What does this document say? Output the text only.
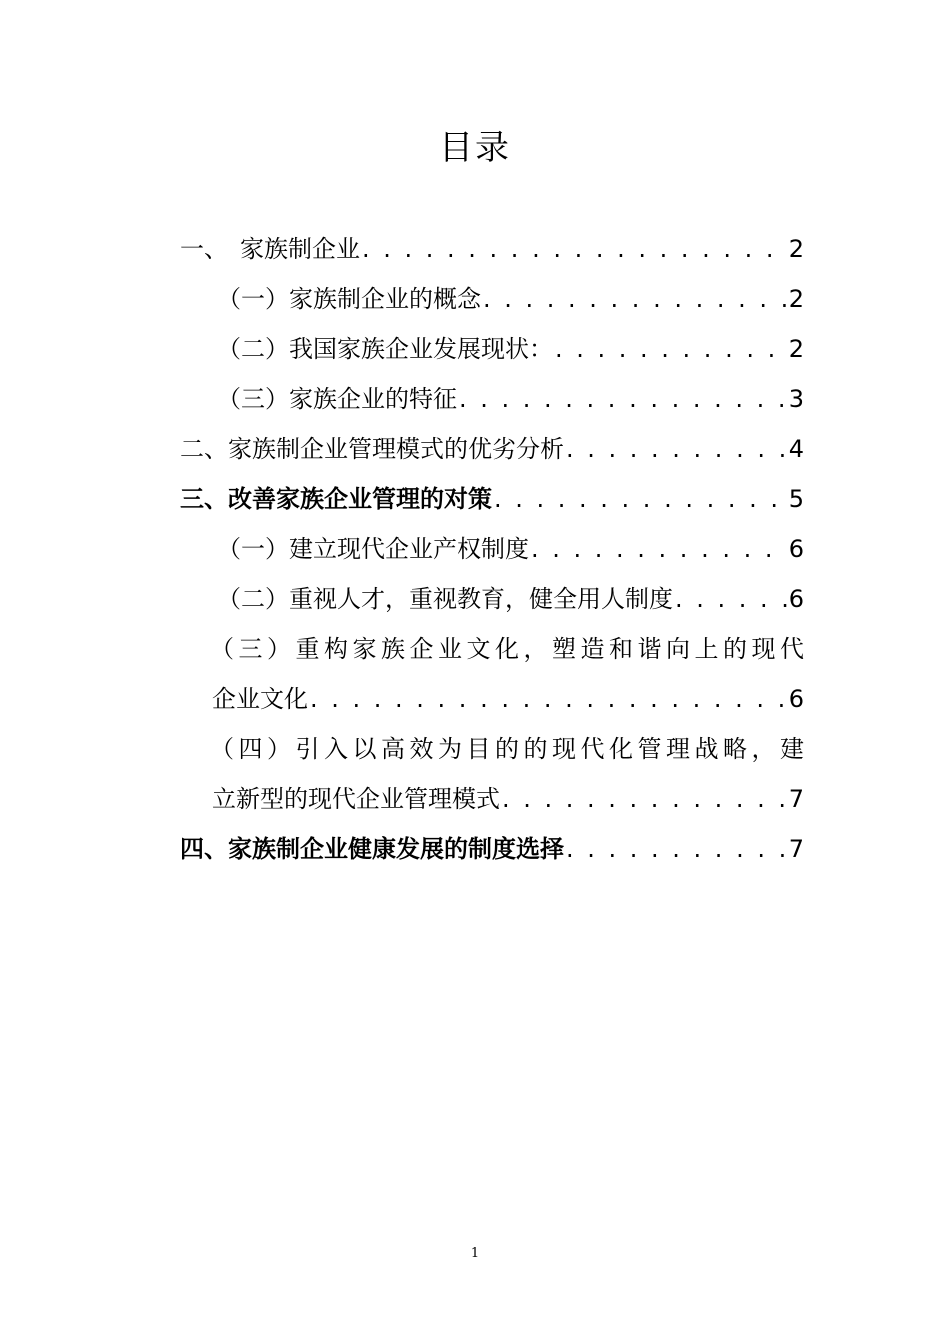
目录
一、　家族制企业 . . .	2
（一）家族制企业的概念 . . .	2
（二）我国家族企业发展现状： . . .	2
（三）家族企业的特征 . . .	3
二、家族制企业管理模式的优劣分析 . . .	4
三、改善家族企业管理的对策 . . .	5
（一）建立现代企业产权制度 . . .	6
（二）重视人才，重视教育，健全用人制度 . . .	6
（三）重构家族企业文化，塑造和谐向上的现代
企业文化 . . .	6
（四）引入以高效为目的的现代化管理战略，建
立新型的现代企业管理模式 . . .	7
四、家族制企业健康发展的制度选择 . . .	7
1
